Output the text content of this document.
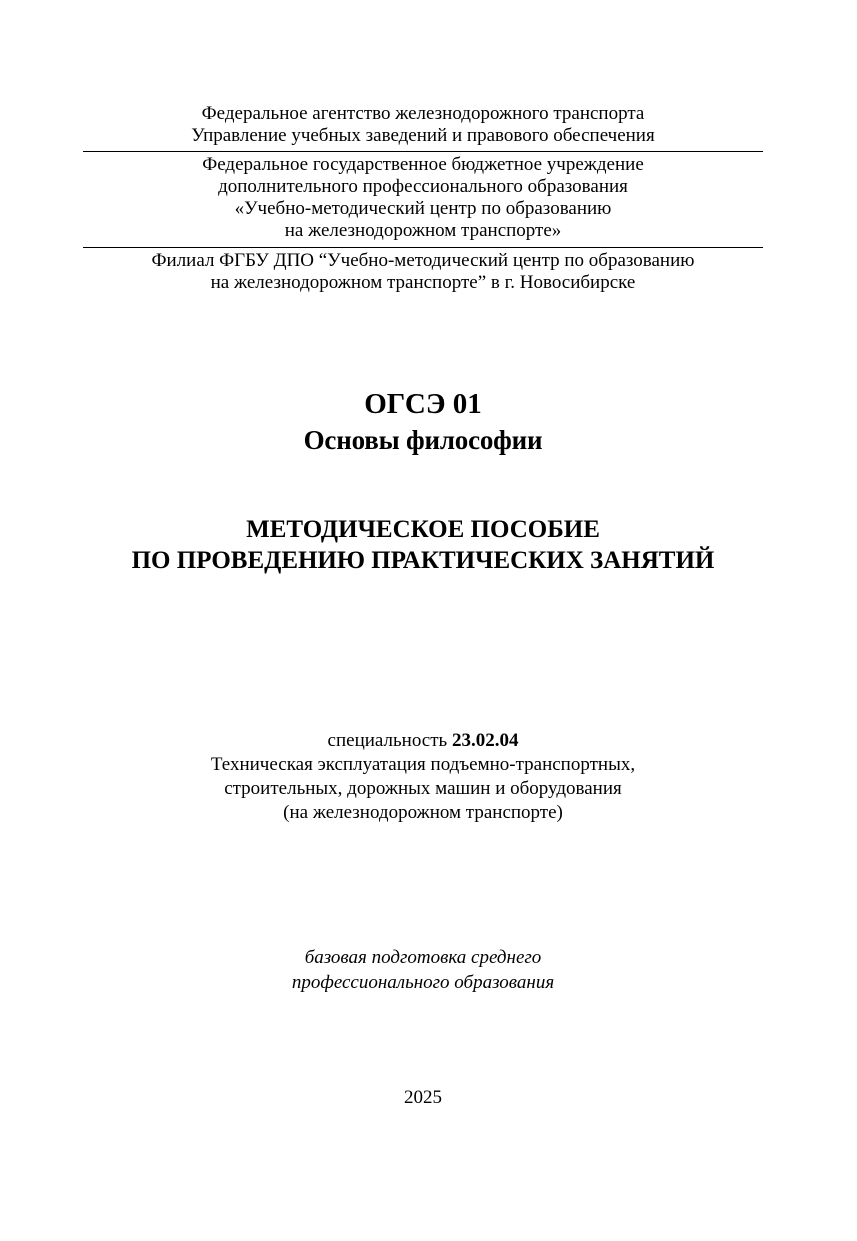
Федеральное агентство железнодорожного транспорта
Управление учебных заведений и правового обеспечения
Федеральное государственное бюджетное учреждение
дополнительного профессионального образования
«Учебно-методический центр по образованию
на железнодорожном транспорте»
Филиал ФГБУ ДПО “Учебно-методический центр по образованию
на железнодорожном транспорте” в г. Новосибирске
ОГСЭ 01
Основы философии
МЕТОДИЧЕСКОЕ ПОСОБИЕ
ПО ПРОВЕДЕНИЮ ПРАКТИЧЕСКИХ ЗАНЯТИЙ
специальность 23.02.04
Техническая эксплуатация подъемно-транспортных,
строительных, дорожных машин и оборудования
(на железнодорожном транспорте)
базовая подготовка среднего
профессионального образования
2025
